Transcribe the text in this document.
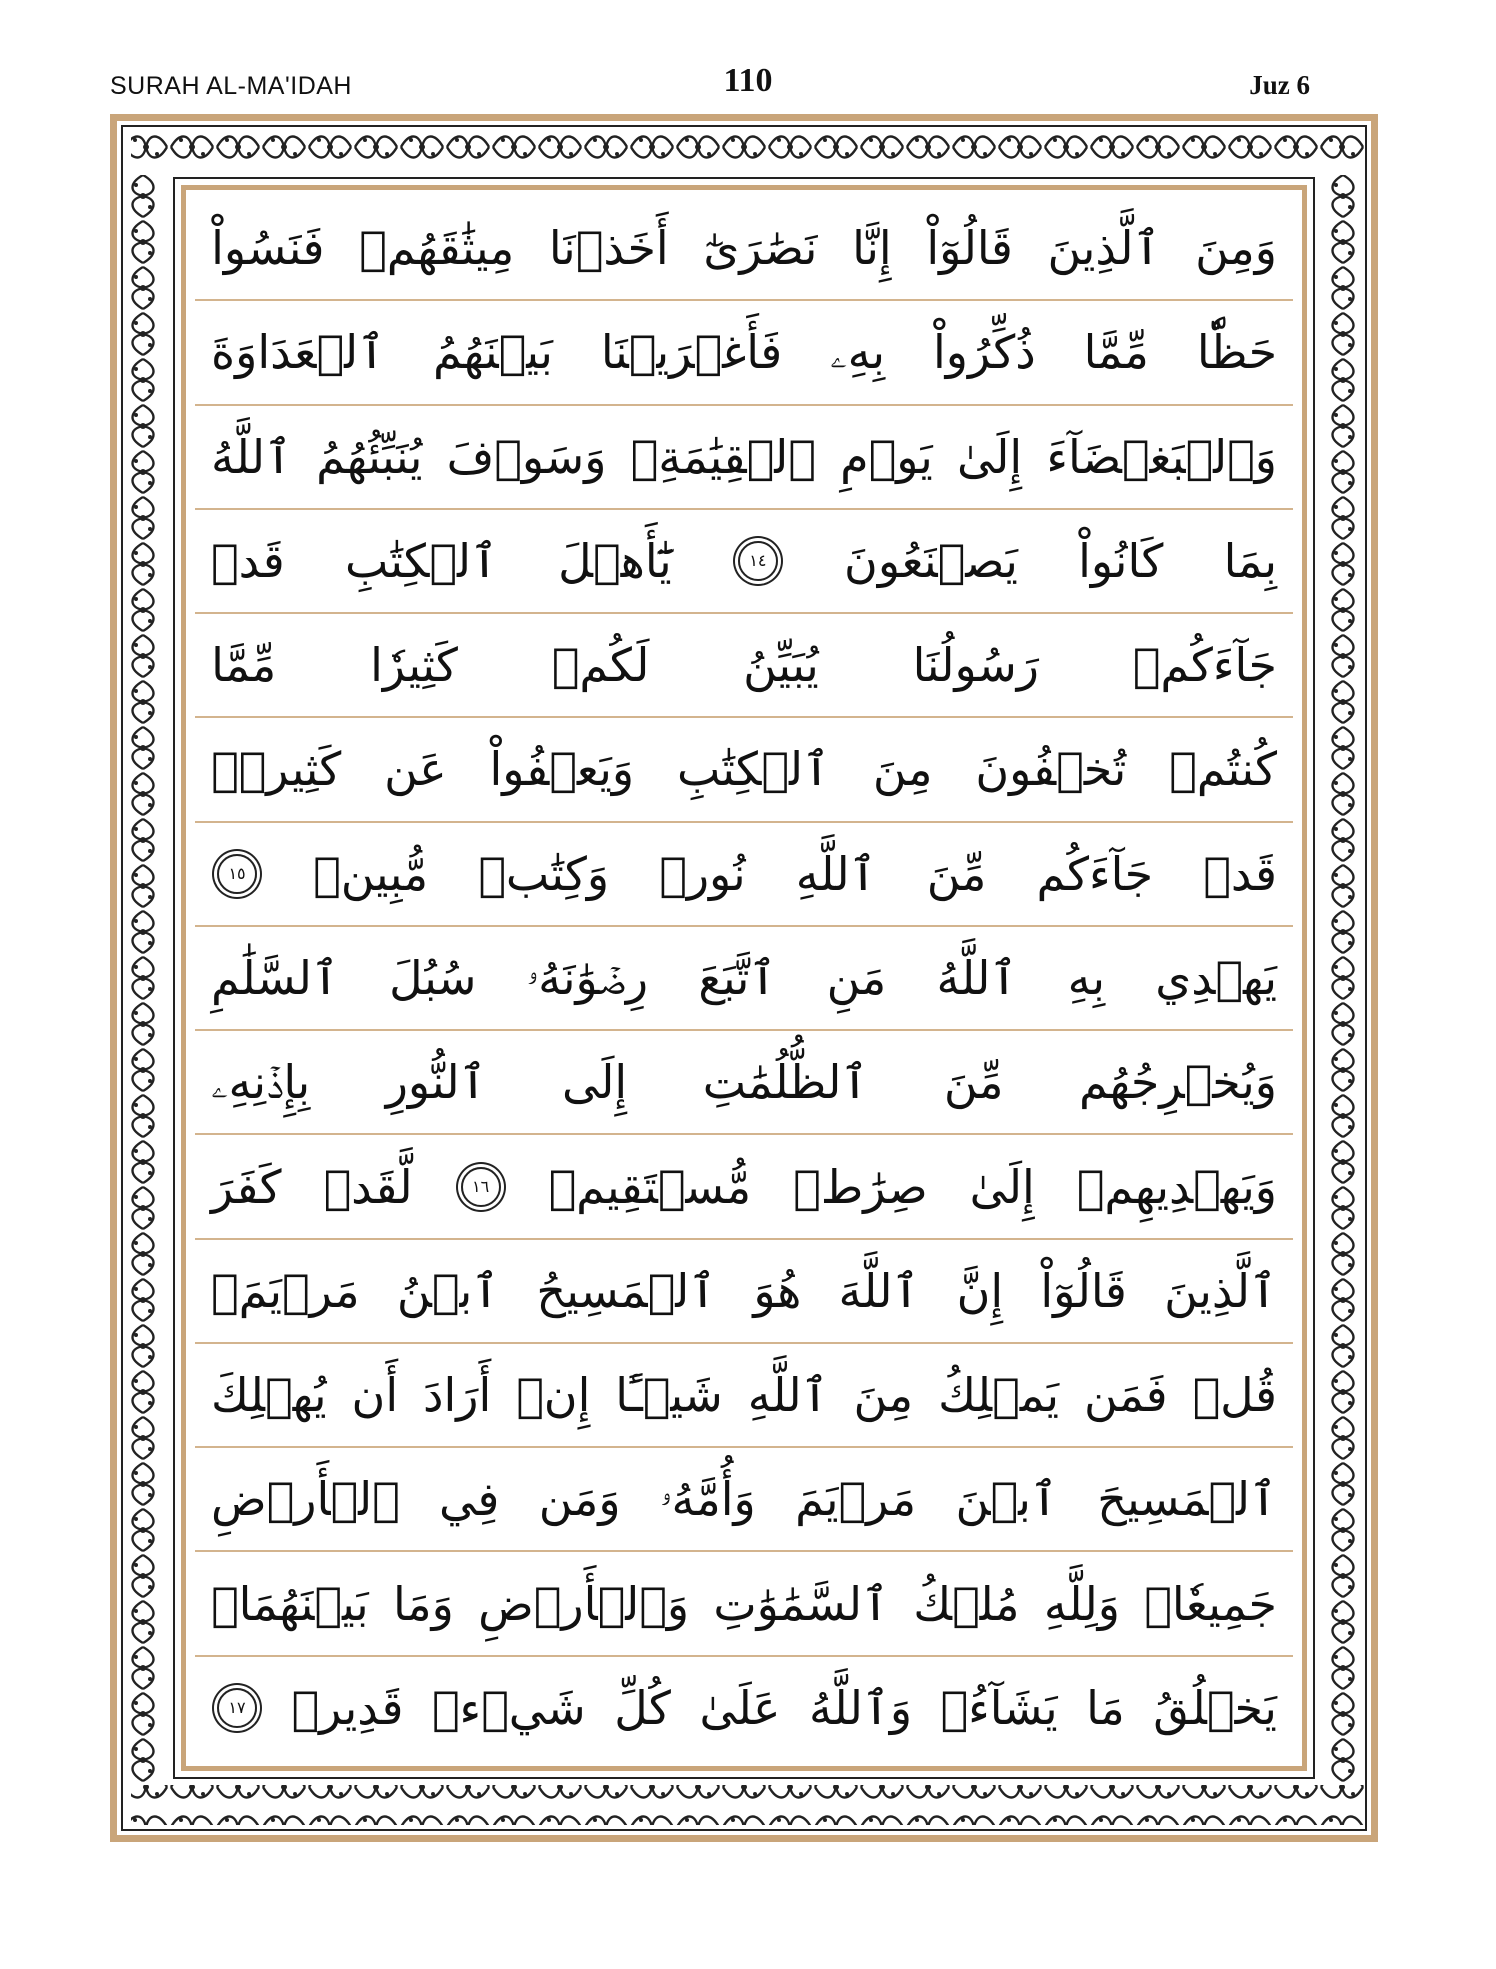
SURAH AL-MA'IDAH	110	Juz 6
وَمِنَ
ٱلَّذِينَ
قَالُوٓاْ
إِنَّا
نَصَٰرَىٰٓ
أَخَذۡنَا
مِيثَٰقَهُمۡ
فَنَسُواْ
حَظّٗا
مِّمَّا
ذُكِّرُواْ
بِهِۦ
فَأَغۡرَيۡنَا
بَيۡنَهُمُ
ٱلۡعَدَاوَةَ
وَٱلۡبَغۡضَآءَ
إِلَىٰ
يَوۡمِ
ٱلۡقِيَٰمَةِۚ
وَسَوۡفَ
يُنَبِّئُهُمُ
ٱللَّهُ
بِمَا
كَانُواْ
يَصۡنَعُونَ
١٤
يَٰٓأَهۡلَ
ٱلۡكِتَٰبِ
قَدۡ
جَآءَكُمۡ
رَسُولُنَا
يُبَيِّنُ
لَكُمۡ
كَثِيرٗا
مِّمَّا
كُنتُمۡ
تُخۡفُونَ
مِنَ
ٱلۡكِتَٰبِ
وَيَعۡفُواْ
عَن
كَثِيرٖۚ
قَدۡ
جَآءَكُم
مِّنَ
ٱللَّهِ
نُورٞ
وَكِتَٰبٞ
مُّبِينٞ
١٥
يَهۡدِي
بِهِ
ٱللَّهُ
مَنِ
ٱتَّبَعَ
رِضۡوَٰنَهُۥ
سُبُلَ
ٱلسَّلَٰمِ
وَيُخۡرِجُهُم
مِّنَ
ٱلظُّلُمَٰتِ
إِلَى
ٱلنُّورِ
بِإِذۡنِهِۦ
وَيَهۡدِيهِمۡ
إِلَىٰ
صِرَٰطٖ
مُّسۡتَقِيمٖ
١٦
لَّقَدۡ
كَفَرَ
ٱلَّذِينَ
قَالُوٓاْ
إِنَّ
ٱللَّهَ
هُوَ
ٱلۡمَسِيحُ
ٱبۡنُ
مَرۡيَمَۚ
قُلۡ
فَمَن
يَمۡلِكُ
مِنَ
ٱللَّهِ
شَيۡـًٔا
إِنۡ
أَرَادَ
أَن
يُهۡلِكَ
ٱلۡمَسِيحَ
ٱبۡنَ
مَرۡيَمَ
وَأُمَّهُۥ
وَمَن
فِي
ٱلۡأَرۡضِ
جَمِيعٗاۗ
وَلِلَّهِ
مُلۡكُ
ٱلسَّمَٰوَٰتِ
وَٱلۡأَرۡضِ
وَمَا
بَيۡنَهُمَاۚ
يَخۡلُقُ
مَا
يَشَآءُۚ
وَٱللَّهُ
عَلَىٰ
كُلِّ
شَيۡءٖ
قَدِيرٞ
١٧
